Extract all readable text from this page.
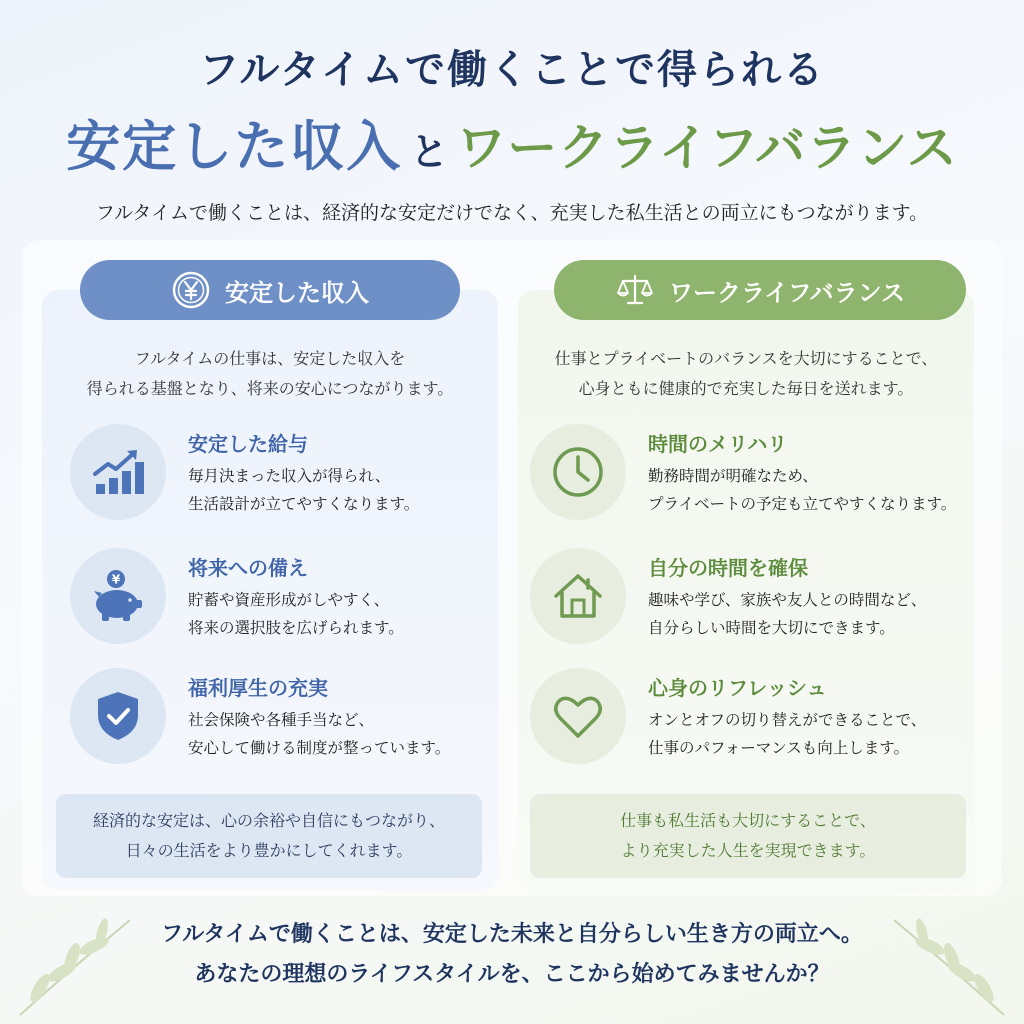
フルタイムで働くことで得られる
安定した収入 と ワークライフバランス
フルタイムで働くことは、経済的な安定だけでなく、充実した私生活との両立にもつながります。
安定した収入	ワークライフバランス
フルタイムの仕事は、安定した収入を
得られる基盤となり、将来の安心につながります。
仕事とプライベートのバランスを大切にすることで、
心身ともに健康的で充実した毎日を送れます。
安定した給与
毎月決まった収入が得られ、
生活設計が立てやすくなります。
¥	将来への備え
貯蓄や資産形成がしやすく、
将来の選択肢を広げられます。
福利厚生の充実
社会保険や各種手当など、
安心して働ける制度が整っています。
時間のメリハリ
勤務時間が明確なため、
プライベートの予定も立てやすくなります。
自分の時間を確保
趣味や学び、家族や友人との時間など、
自分らしい時間を大切にできます。
心身のリフレッシュ
オンとオフの切り替えができることで、
仕事のパフォーマンスも向上します。
経済的な安定は、心の余裕や自信にもつながり、
日々の生活をより豊かにしてくれます。
仕事も私生活も大切にすることで、
より充実した人生を実現できます。
フルタイムで働くことは、安定した未来と自分らしい生き方の両立へ。
あなたの理想のライフスタイルを、ここから始めてみませんか？
